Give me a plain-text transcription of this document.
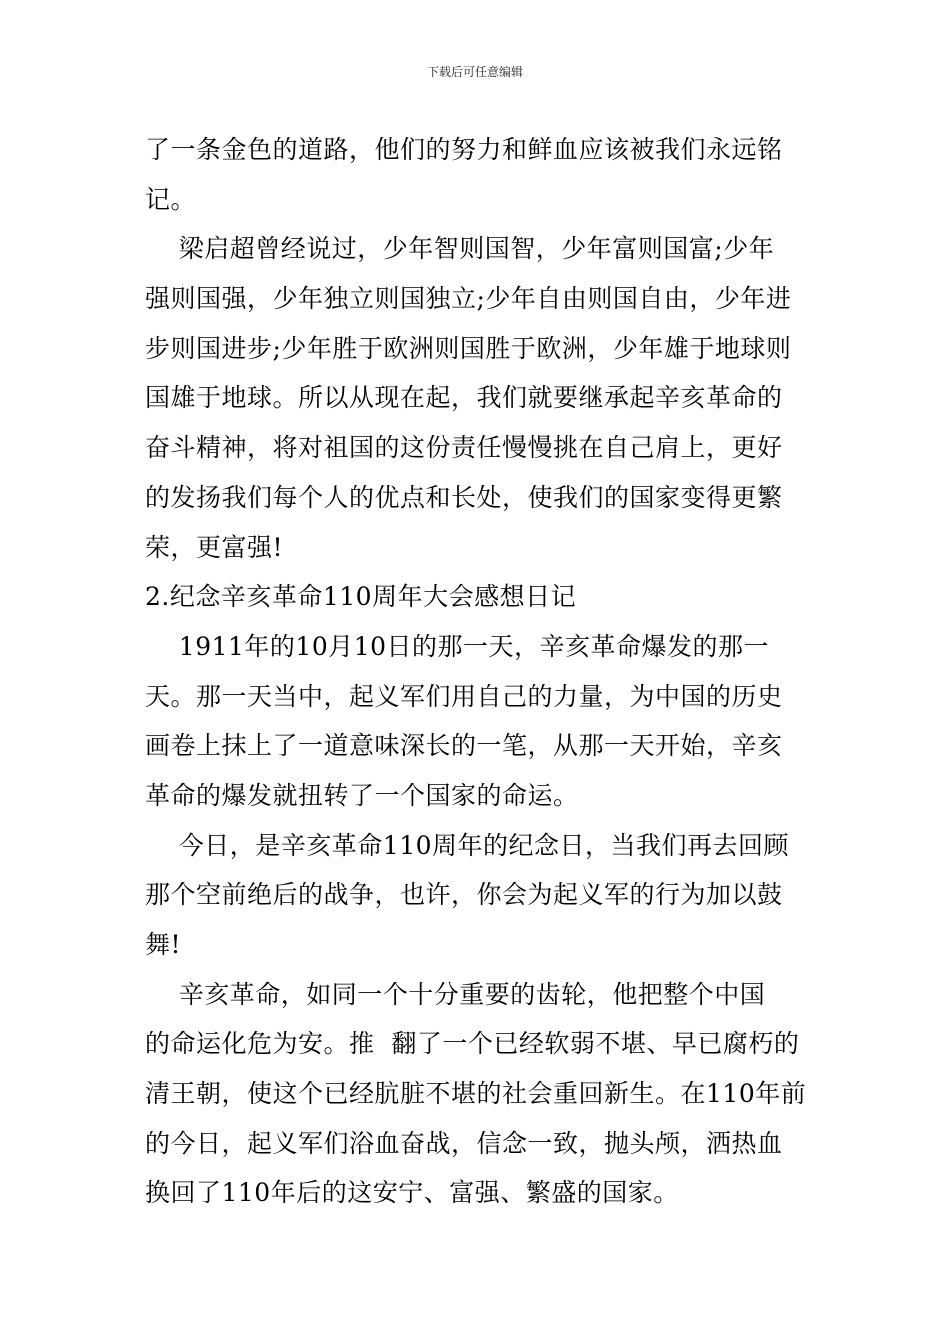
下载后可任意编辑
了一条金色的道路，他们的努力和鲜血应该被我们永远铭
记。
梁启超曾经说过，少年智则国智，少年富则国富;少年
强则国强，少年独立则国独立;少年自由则国自由，少年进
步则国进步;少年胜于欧洲则国胜于欧洲，少年雄于地球则
国雄于地球。所以从现在起，我们就要继承起辛亥革命的
奋斗精神，将对祖国的这份责任慢慢挑在自己肩上，更好
的发扬我们每个人的优点和长处，使我们的国家变得更繁
荣，更富强!
2.纪念辛亥革命110周年大会感想日记
1911年的10月10日的那一天，辛亥革命爆发的那一
天。那一天当中，起义军们用自己的力量，为中国的历史
画卷上抹上了一道意味深长的一笔，从那一天开始，辛亥
革命的爆发就扭转了一个国家的命运。
今日，是辛亥革命110周年的纪念日，当我们再去回顾
那个空前绝后的战争，也许，你会为起义军的行为加以鼓
舞!
辛亥革命，如同一个十分重要的齿轮，他把整个中国
的命运化危为安。推  翻了一个已经软弱不堪、早已腐朽的
清王朝，使这个已经肮脏不堪的社会重回新生。在110年前
的今日，起义军们浴血奋战，信念一致，抛头颅，洒热血
换回了110年后的这安宁、富强、繁盛的国家。
